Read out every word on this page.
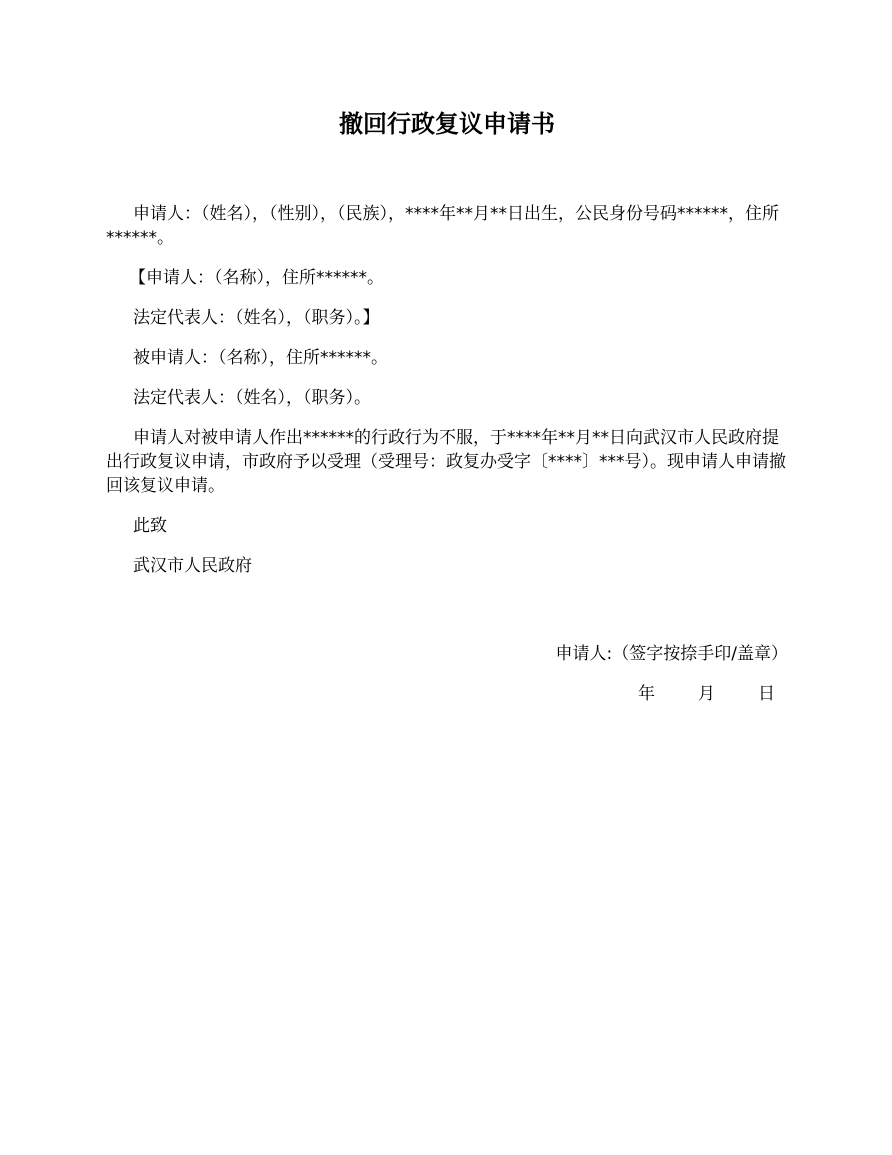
撤回行政复议申请书

申请人：（姓名），（性别），（民族），****年**月**日出生，公民身份号码******，住所******。

【申请人：（名称），住所******。

法定代表人：（姓名），（职务）。】

被申请人：（名称），住所******。

法定代表人：（姓名），（职务）。

申请人对被申请人作出******的行政行为不服，于****年**月**日向武汉市人民政府提出行政复议申请，市政府予以受理（受理号：政复办受字〔****〕***号）。现申请人申请撤回该复议申请。

此致

武汉市人民政府

申请人:（签字按捺手印/盖章）

年	月	日
